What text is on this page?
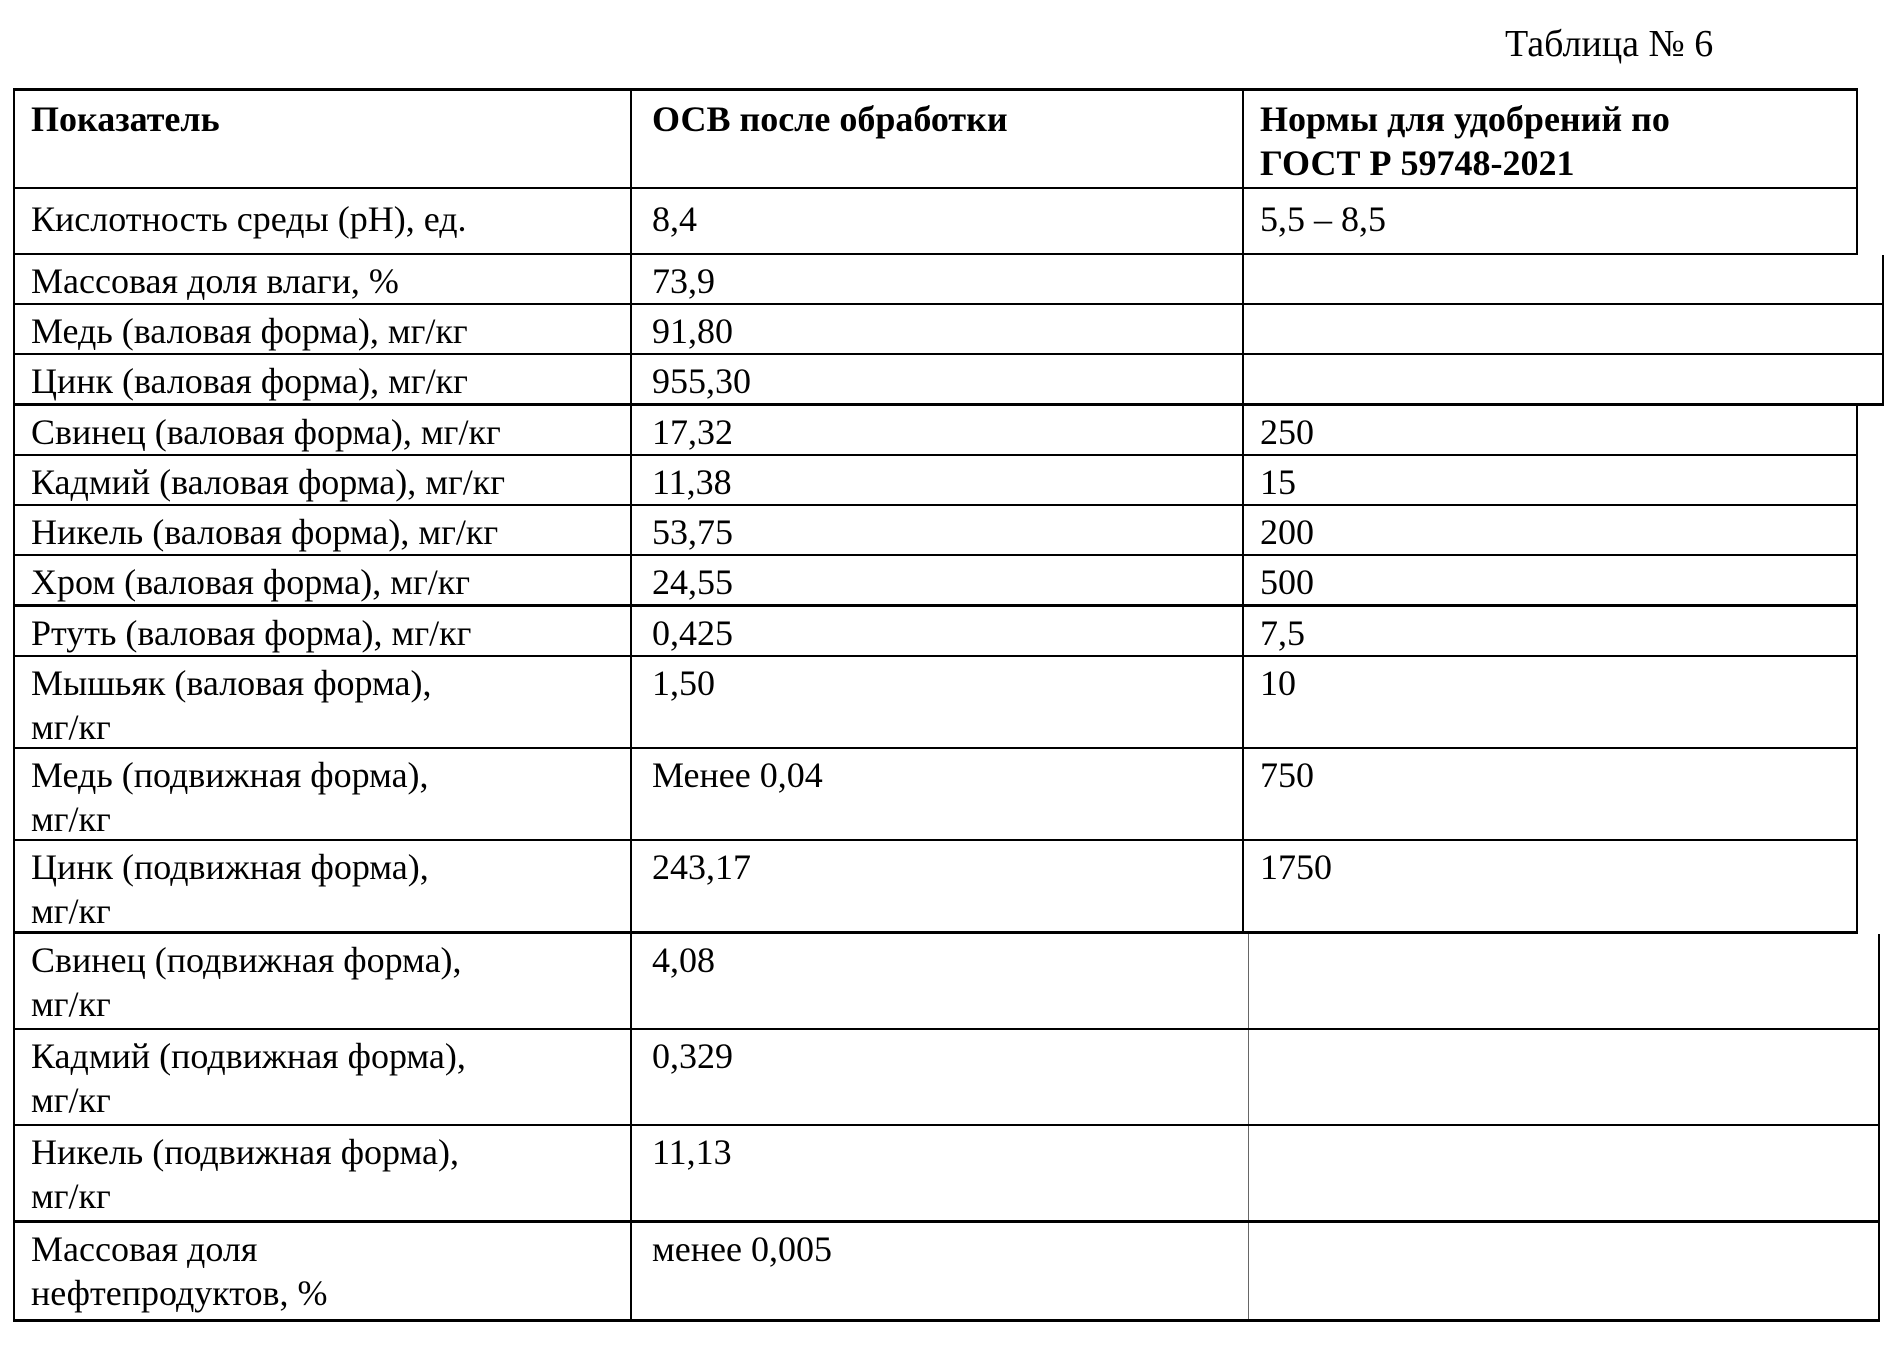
Таблица № 6
Показатель	ОСВ после обработки	Нормы для удобрений по
ГОСТ Р 59748-2021
Кислотность среды (pH), ед.	8,4	5,5 – 8,5
Массовая доля влаги, %	73,9
Медь (валовая форма), мг/кг	91,80
Цинк (валовая форма), мг/кг	955,30
Свинец (валовая форма), мг/кг	17,32	250
Кадмий (валовая форма), мг/кг	11,38	15
Никель (валовая форма), мг/кг	53,75	200
Хром (валовая форма), мг/кг	24,55	500
Ртуть (валовая форма), мг/кг	0,425	7,5
Мышьяк (валовая форма),
мг/кг
1,50	10
Медь (подвижная форма),
мг/кг
Менее 0,04	750
Цинк (подвижная форма),
мг/кг
243,17	1750
Свинец (подвижная форма),
мг/кг
4,08
Кадмий (подвижная форма),
мг/кг
0,329
Никель (подвижная форма),
мг/кг
11,13
Массовая доля
нефтепродуктов, %
менее 0,005
